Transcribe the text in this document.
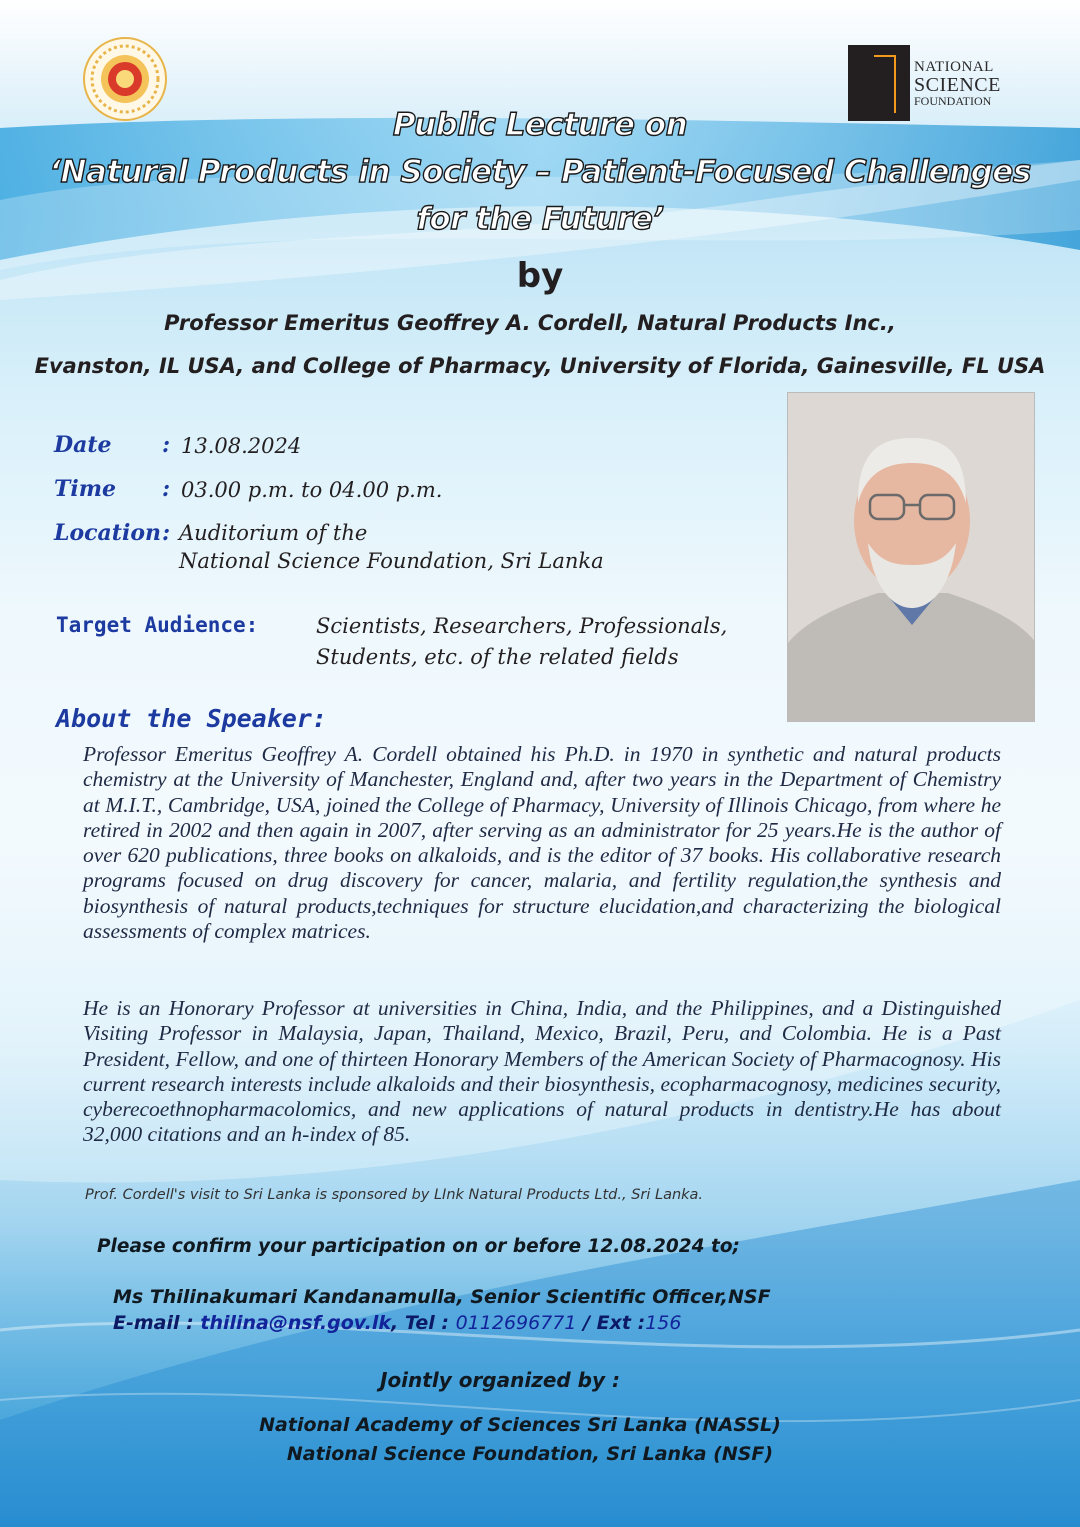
NATIONAL
SCIENCE
FOUNDATION
Public Lecture on
‘Natural Products in Society – Patient-Focused Challenges
for the Future’
by
Professor Emeritus Geoffrey A. Cordell, Natural Products Inc.,
Evanston, IL USA, and College of Pharmacy, University of Florida, Gainesville, FL USA
Date : 13.08.2024
Time : 03.00 p.m. to 04.00 p.m.
Location : Auditorium of the
National Science Foundation, Sri Lanka
Target Audience:	Scientists, Researchers, Professionals,
Students, etc. of the related fields
About the Speaker:
Professor Emeritus Geoffrey A. Cordell obtained his Ph.D. in 1970 in synthetic and natural products chemistry at the University of Manchester, England and, after two years in the Department of Chemistry at M.I.T., Cambridge, USA, joined the College of Pharmacy, University of Illinois Chicago, from where he retired in 2002 and then again in 2007, after serving as an administrator for 25 years.He is the author of over 620 publications, three books on alkaloids, and is the editor of 37 books. His collaborative research programs focused on drug discovery for cancer, malaria, and fertility regulation,the synthesis and biosynthesis of natural products,techniques for structure elucidation,and characterizing the biological assessments of complex matrices.
He is an Honorary Professor at universities in China, India, and the Philippines, and a Distinguished Visiting Professor in Malaysia, Japan, Thailand, Mexico, Brazil, Peru, and Colombia. He is a Past President, Fellow, and one of thirteen Honorary Members of the American Society of Pharmacognosy. His current research interests include alkaloids and their biosynthesis, ecopharmacognosy, medicines security, cyberecoethnopharmacolomics, and new applications of natural products in dentistry.He has about 32,000 citations and an h-index of 85.
Prof. Cordell's visit to Sri Lanka is sponsored by LInk Natural Products Ltd., Sri Lanka.
Please confirm your participation on or before 12.08.2024 to;
Ms Thilinakumari Kandanamulla, Senior Scientific Officer,NSF
E-mail : thilina@nsf.gov.lk, Tel : 0112696771 / Ext :156
Jointly organized by :
National Academy of Sciences Sri Lanka (NASSL)
National Science Foundation, Sri Lanka (NSF)
